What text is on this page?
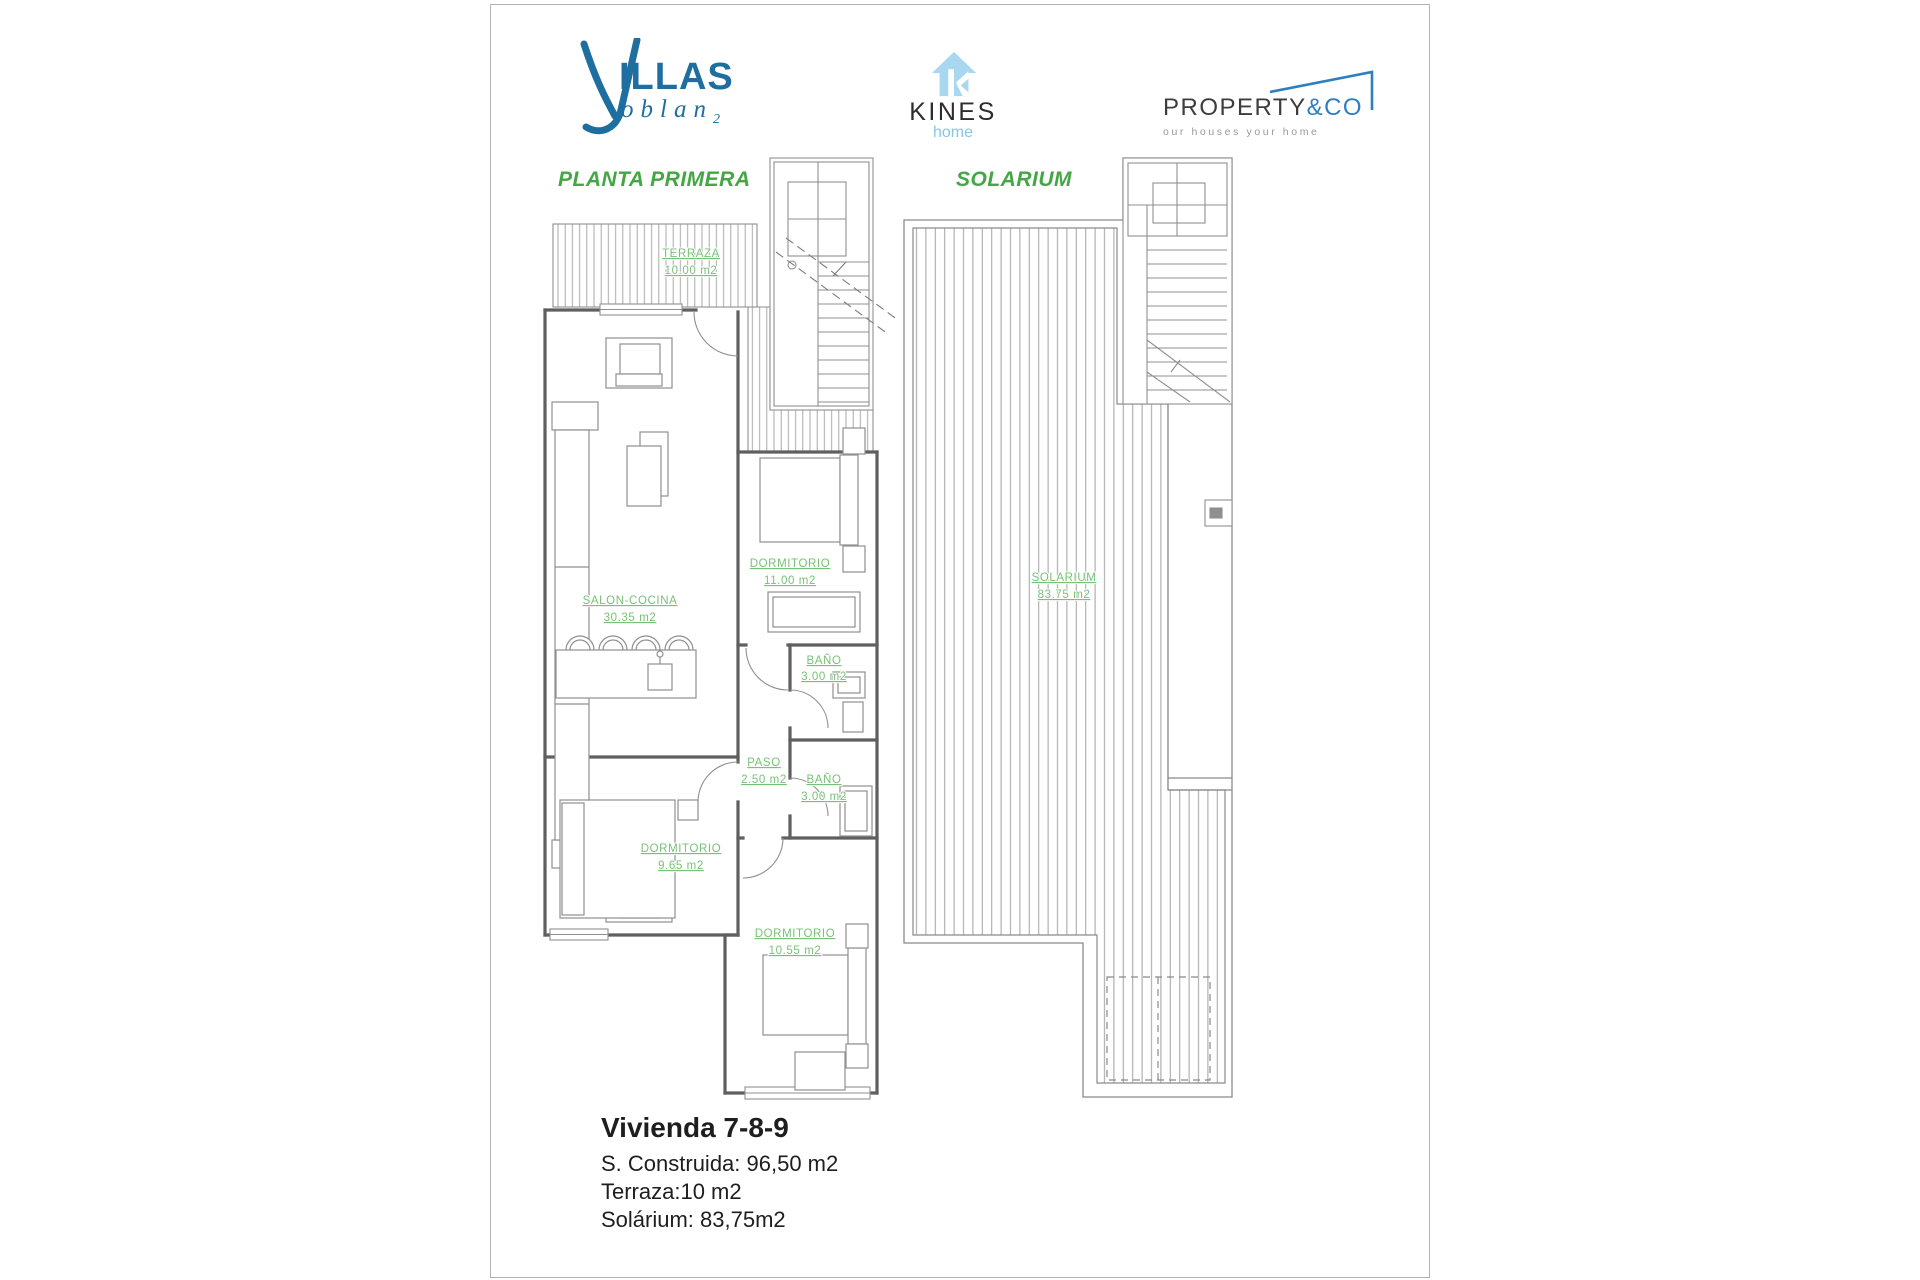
ILLAS
oblan$_2$	KINES
home
PROPERTY&CO
our houses your home
PLANTA PRIMERA	SOLARIUM
TERRAZA
10.00 m2
SALON-COCINA
30.35 m2
DORMITORIO
11.00 m2
BAÑO
3.00 m2
PASO
2.50 m2 BAÑO
3.00 m2
DORMITORIO
9.65 m2
DORMITORIO
10.55 m2
SOLARIUM
83.75 m2
Vivienda 7-8-9
S. Construida: 96,50 m2
Terraza:10 m2
Solárium: 83,75m2
